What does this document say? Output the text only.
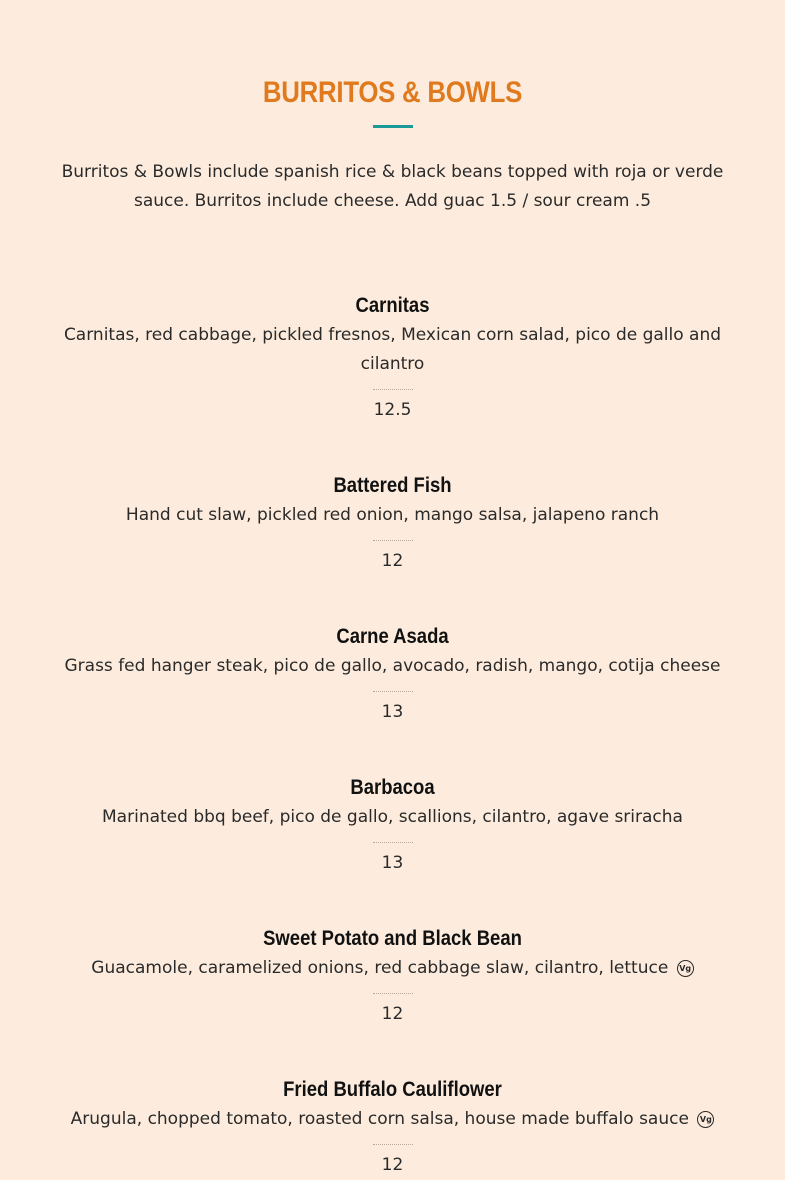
BURRITOS & BOWLS

Burritos & Bowls include spanish rice & black beans topped with roja or verde sauce. Burritos include cheese. Add guac 1.5 / sour cream .5

Carnitas

Carnitas, red cabbage, pickled fresnos, Mexican corn salad, pico de gallo and cilantro

12.5

Battered Fish

Hand cut slaw, pickled red onion, mango salsa, jalapeno ranch

12

Carne Asada

Grass fed hanger steak, pico de gallo, avocado, radish, mango, cotija cheese

13

Barbacoa

Marinated bbq beef, pico de gallo, scallions, cilantro, agave sriracha

13

Sweet Potato and Black Bean

Guacamole, caramelized onions, red cabbage slaw, cilantro, lettuce Vg

12

Fried Buffalo Cauliflower

Arugula, chopped tomato, roasted corn salsa, house made buffalo sauce Vg

12
